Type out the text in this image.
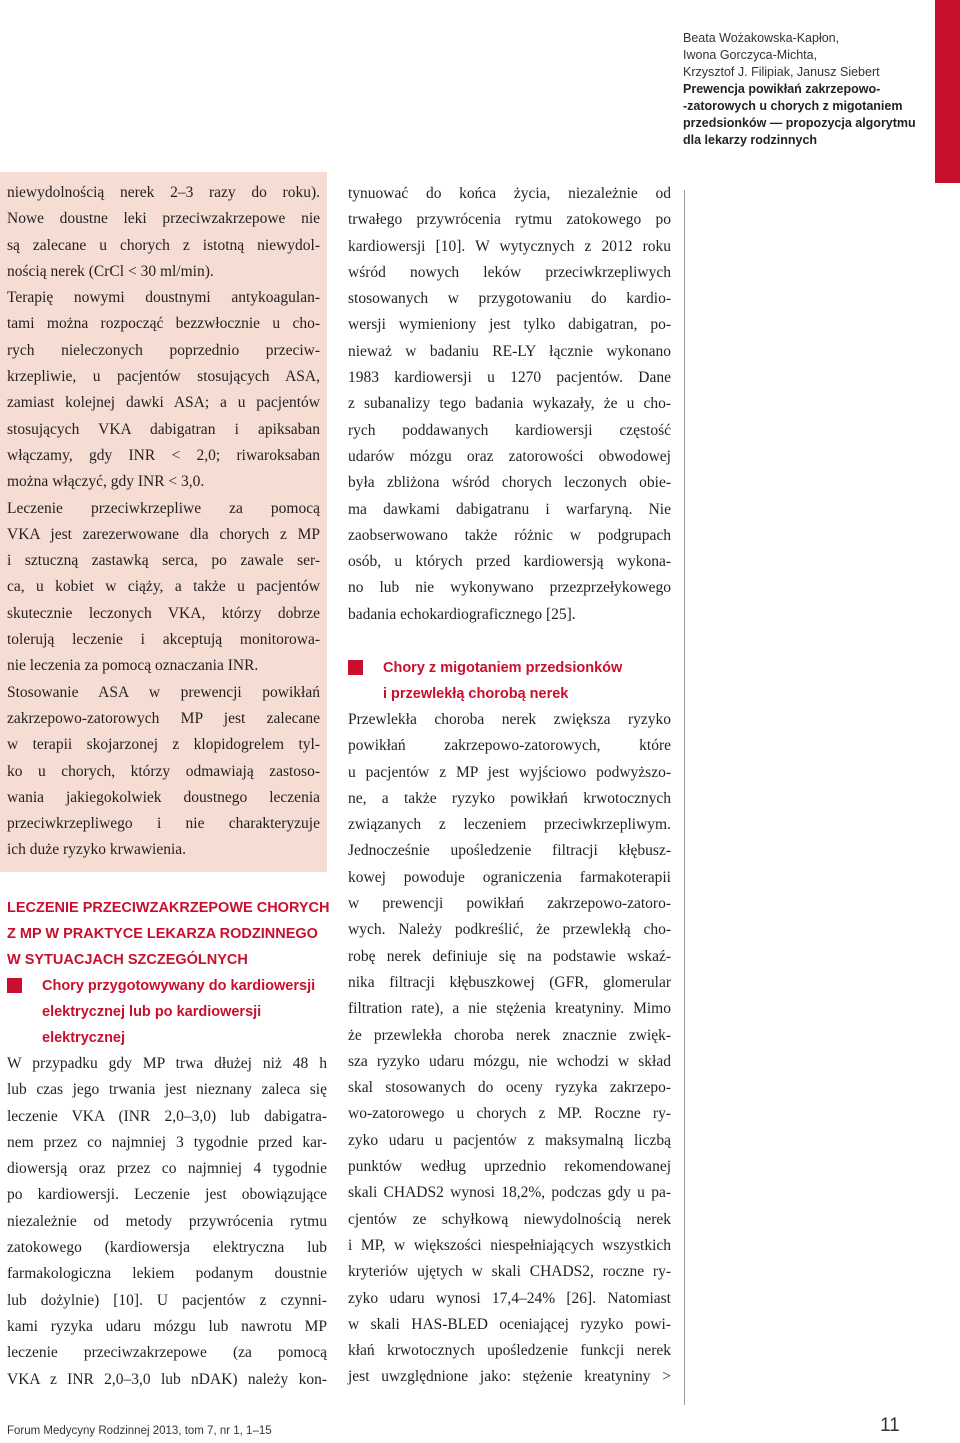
Beata Wożakowska-Kapłon,
Iwona Gorczyca-Michta,
Krzysztof J. Filipiak, Janusz Siebert
Prewencja powikłań zakrzepowo-
-zatorowych u chorych z migotaniem
przedsionków — propozycja algorytmu
dla lekarzy rodzinnych
niewydolnością nerek 2–3 razy do roku).
Nowe doustne leki przeciwzakrzepowe nie
są zalecane u chorych z istotną niewydol-
nością nerek (CrCl < 30 ml/min).
Terapię nowymi doustnymi antykoagulan-
tami można rozpocząć bezzwłocznie u cho-
rych nieleczonych poprzednio przeciw-
krzepliwie, u pacjentów stosujących ASA,
zamiast kolejnej dawki ASA; a u pacjentów
stosujących VKA dabigatran i apiksaban
włączamy, gdy INR < 2,0; riwaroksaban
można włączyć, gdy INR < 3,0.
Leczenie przeciwkrzepliwe za pomocą
VKA jest zarezerwowane dla chorych z MP
i sztuczną zastawką serca, po zawale ser-
ca, u kobiet w ciąży, a także u pacjentów
skutecznie leczonych VKA, którzy dobrze
tolerują leczenie i akceptują monitorowa-
nie leczenia za pomocą oznaczania INR.
Stosowanie ASA w prewencji powikłań
zakrzepowo-zatorowych MP jest zalecane
w terapii skojarzonej z klopidogrelem tyl-
ko u chorych, którzy odmawiają zastoso-
wania jakiegokolwiek doustnego leczenia
przeciwkrzepliwego i nie charakteryzuje
ich duże ryzyko krwawienia.
LECZENIE PRZECIWZAKRZEPOWE CHORYCH
Z MP W PRAKTYCE LEKARZA RODZINNEGO
W SYTUACJACH SZCZEGÓLNYCH
Chory przygotowywany do kardiowersji
elektrycznej lub po kardiowersji
elektrycznej
W przypadku gdy MP trwa dłużej niż 48 h
lub czas jego trwania jest nieznany zaleca się
leczenie VKA (INR 2,0–3,0) lub dabigatra-
nem przez co najmniej 3 tygodnie przed kar-
diowersją oraz przez co najmniej 4 tygodnie
po kardiowersji. Leczenie jest obowiązujące
niezależnie od metody przywrócenia rytmu
zatokowego (kardiowersja elektryczna lub
farmakologiczna lekiem podanym doustnie
lub dożylnie) [10]. U pacjentów z czynni-
kami ryzyka udaru mózgu lub nawrotu MP
leczenie przeciwzakrzepowe (za pomocą
VKA z INR 2,0–3,0 lub nDAK) należy kon-
tynuować do końca życia, niezależnie od
trwałego przywrócenia rytmu zatokowego po
kardiowersji [10]. W wytycznych z 2012 roku
wśród nowych leków przeciwkrzepliwych
stosowanych w przygotowaniu do kardio-
wersji wymieniony jest tylko dabigatran, po-
nieważ w badaniu RE-LY łącznie wykonano
1983 kardiowersji u 1270 pacjentów. Dane
z subanalizy tego badania wykazały, że u cho-
rych poddawanych kardiowersji częstość
udarów mózgu oraz zatorowości obwodowej
była zbliżona wśród chorych leczonych obie-
ma dawkami dabigatranu i warfaryną. Nie
zaobserwowano także różnic w podgrupach
osób, u których przed kardiowersją wykona-
no lub nie wykonywano przezprzełykowego
badania echokardiograficznego [25].
Chory z migotaniem przedsionków
i przewlekłą chorobą nerek
Przewlekła choroba nerek zwiększa ryzyko
powikłań zakrzepowo-zatorowych, które
u pacjentów z MP jest wyjściowo podwyższo-
ne, a także ryzyko powikłań krwotocznych
związanych z leczeniem przeciwkrzepliwym.
Jednocześnie upośledzenie filtracji kłębusz-
kowej powoduje ograniczenia farmakoterapii
w prewencji powikłań zakrzepowo-zatoro-
wych. Należy podkreślić, że przewlekłą cho-
robę nerek definiuje się na podstawie wskaź-
nika filtracji kłębuszkowej (GFR, glomerular
filtration rate), a nie stężenia kreatyniny. Mimo
że przewlekła choroba nerek znacznie zwięk-
sza ryzyko udaru mózgu, nie wchodzi w skład
skal stosowanych do oceny ryzyka zakrzepo-
wo-zatorowego u chorych z MP. Roczne ry-
zyko udaru u pacjentów z maksymalną liczbą
punktów według uprzednio rekomendowanej
skali CHADS2 wynosi 18,2%, podczas gdy u pa-
cjentów ze schyłkową niewydolnością nerek
i MP, w większości niespełniających wszystkich
kryteriów ujętych w skali CHADS2, roczne ry-
zyko udaru wynosi 17,4–24% [26]. Natomiast
w skali HAS-BLED oceniającej ryzyko powi-
kłań krwotocznych upośledzenie funkcji nerek
jest uwzględnione jako: stężenie kreatyniny >
Forum Medycyny Rodzinnej 2013, tom 7, nr 1, 1–15	11
